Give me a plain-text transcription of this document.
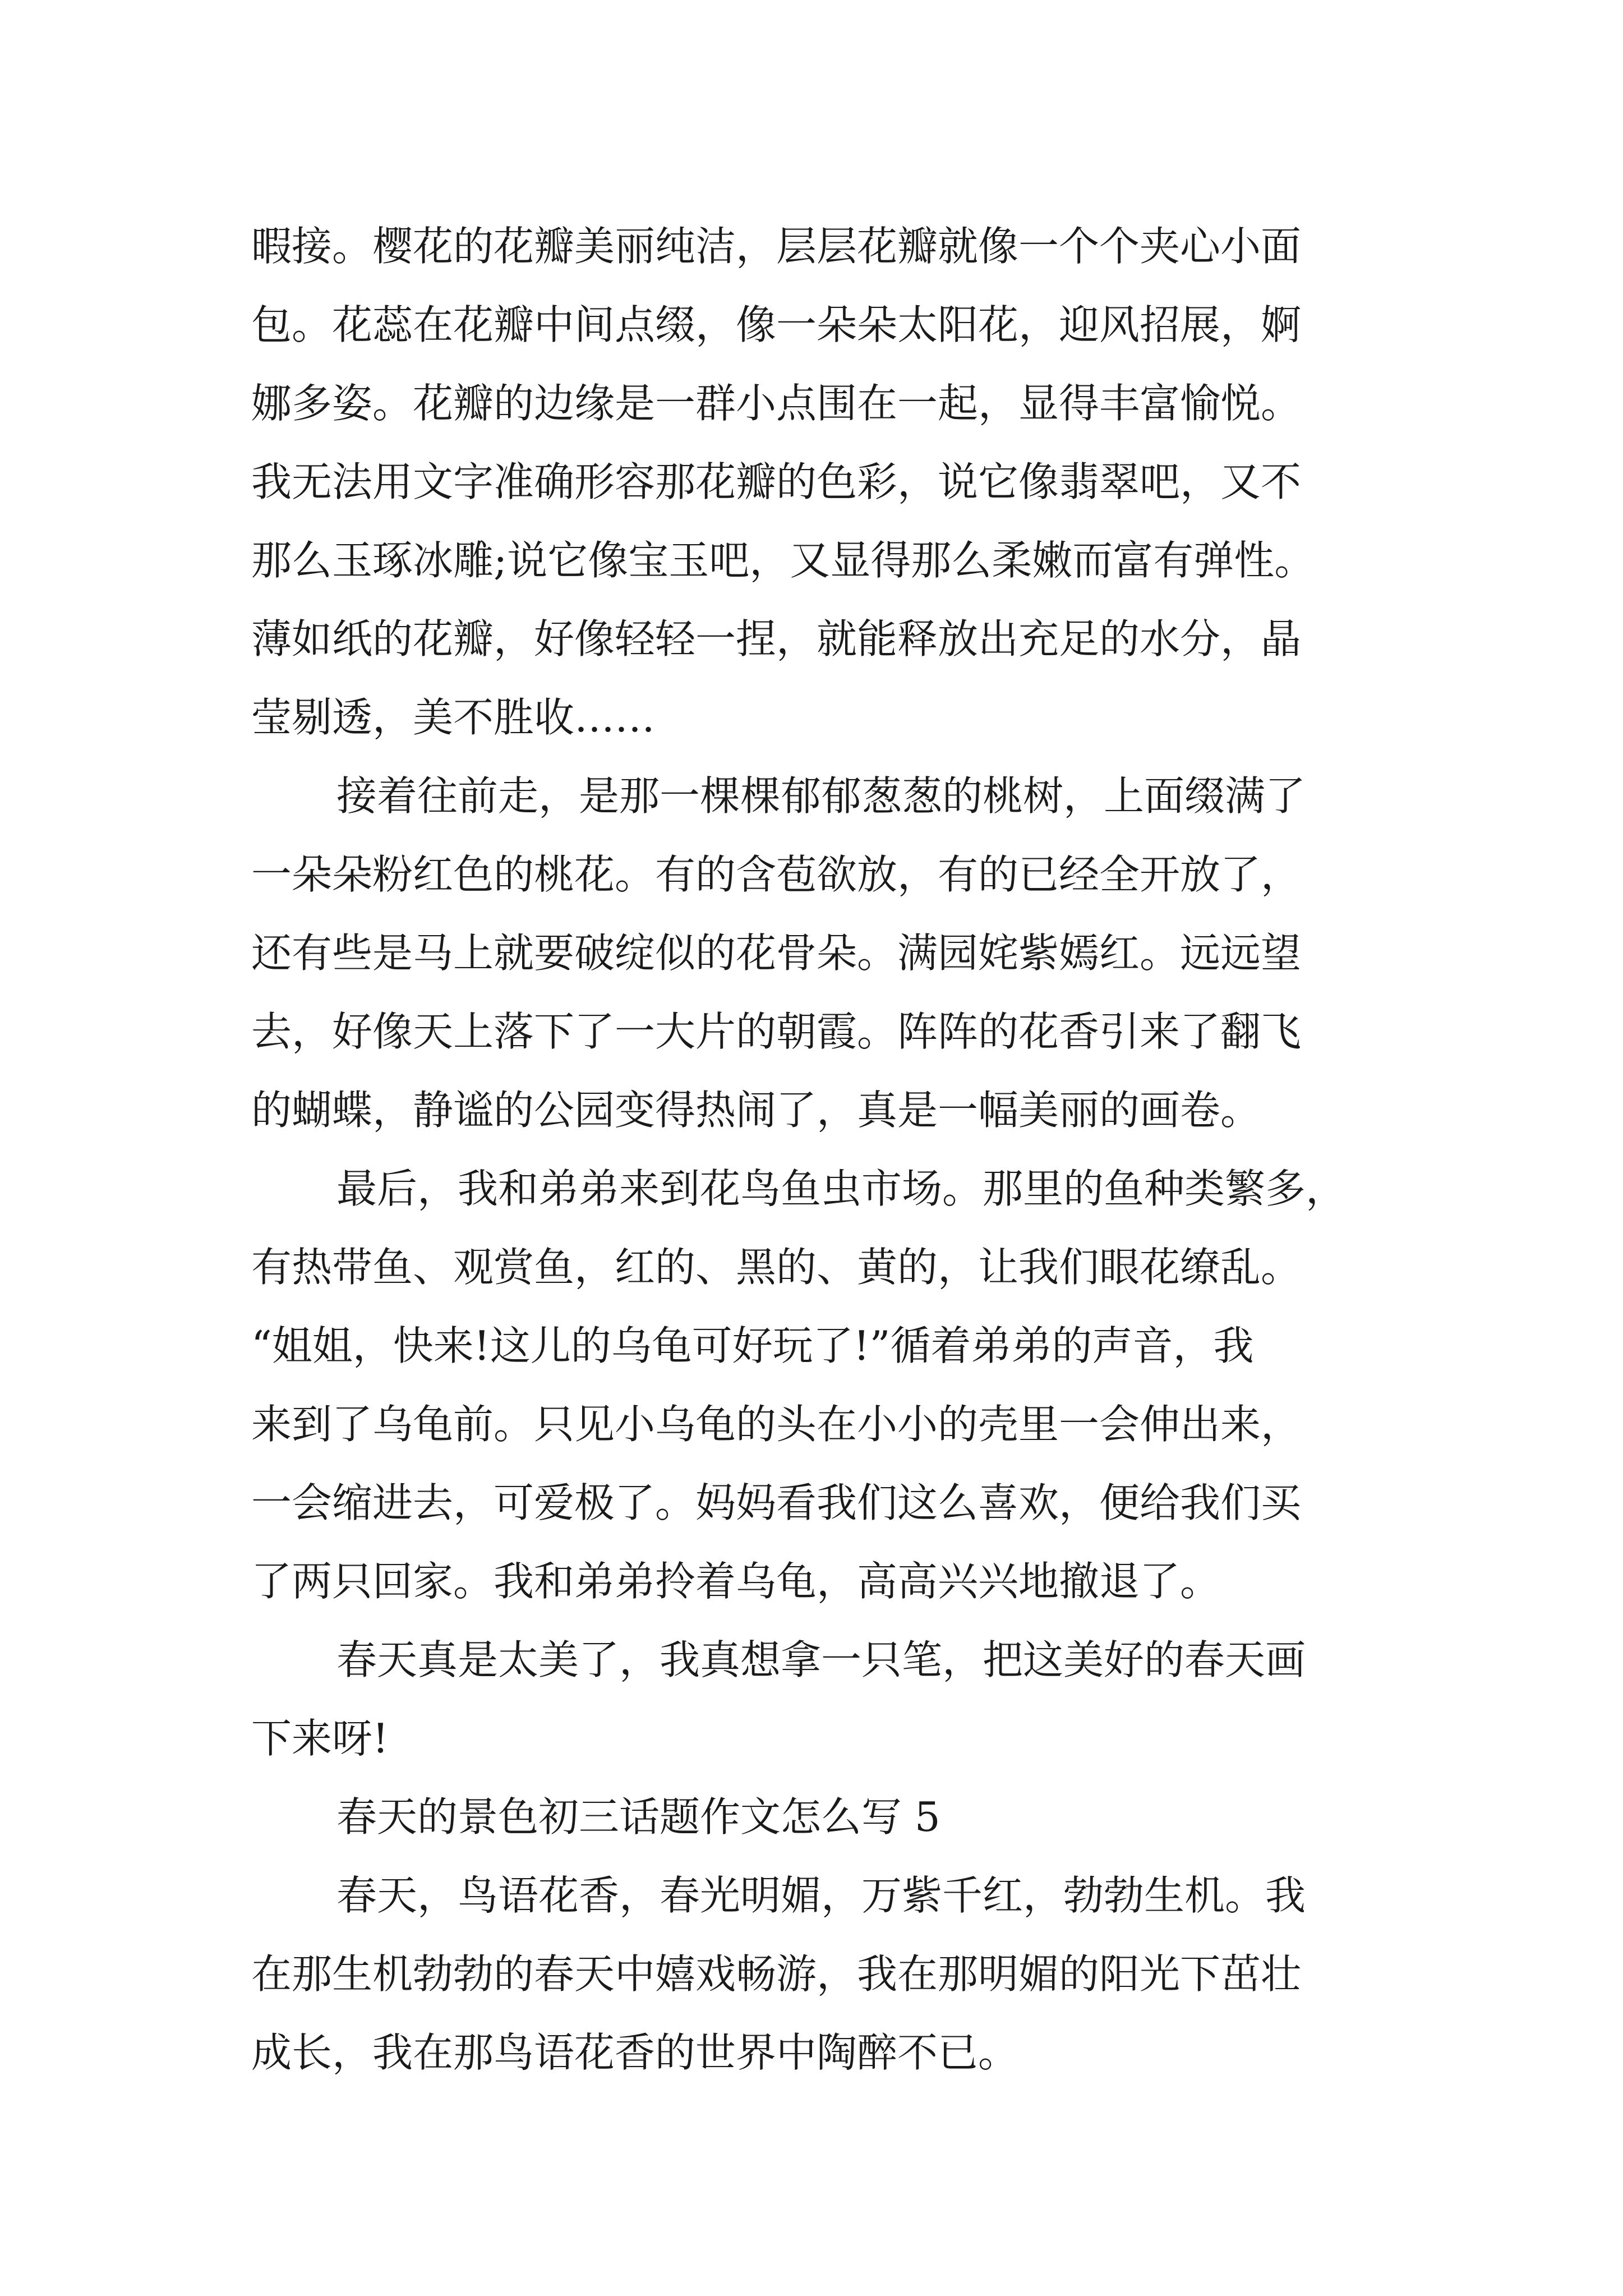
暇接。樱花的花瓣美丽纯洁，层层花瓣就像一个个夹心小面
包。花蕊在花瓣中间点缀，像一朵朵太阳花，迎风招展，婀
娜多姿。花瓣的边缘是一群小点围在一起，显得丰富愉悦。
我无法用文字准确形容那花瓣的色彩，说它像翡翠吧，又不
那么玉琢冰雕;说它像宝玉吧，又显得那么柔嫩而富有弹性。
薄如纸的花瓣，好像轻轻一捏，就能释放出充足的水分，晶
莹剔透，美不胜收……
接着往前走，是那一棵棵郁郁葱葱的桃树，上面缀满了
一朵朵粉红色的桃花。有的含苞欲放，有的已经全开放了，
还有些是马上就要破绽似的花骨朵。满园姹紫嫣红。远远望
去，好像天上落下了一大片的朝霞。阵阵的花香引来了翻飞
的蝴蝶，静谧的公园变得热闹了，真是一幅美丽的画卷。
最后，我和弟弟来到花鸟鱼虫市场。那里的鱼种类繁多，
有热带鱼、观赏鱼，红的、黑的、黄的，让我们眼花缭乱。
“姐姐，快来!这儿的乌龟可好玩了!”循着弟弟的声音，我
来到了乌龟前。只见小乌龟的头在小小的壳里一会伸出来，
一会缩进去，可爱极了。妈妈看我们这么喜欢，便给我们买
了两只回家。我和弟弟拎着乌龟，高高兴兴地撤退了。
春天真是太美了，我真想拿一只笔，把这美好的春天画
下来呀!
春天的景色初三话题作文怎么写 5
春天，鸟语花香，春光明媚，万紫千红，勃勃生机。我
在那生机勃勃的春天中嬉戏畅游，我在那明媚的阳光下茁壮
成长，我在那鸟语花香的世界中陶醉不已。
